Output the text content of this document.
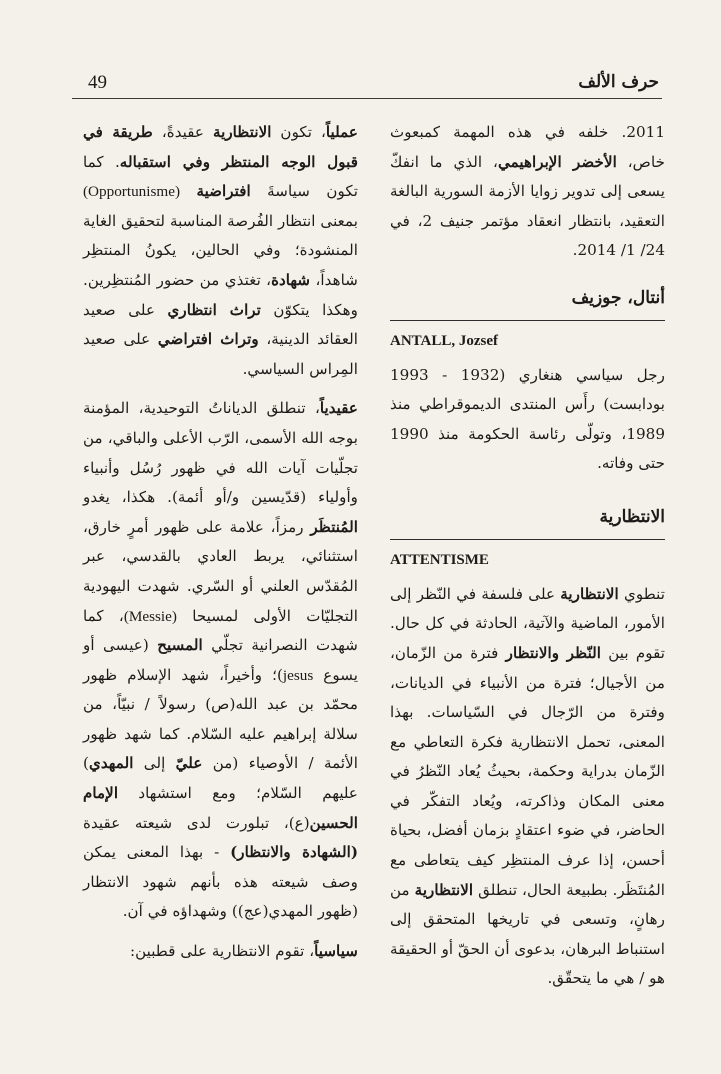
حرف الألف
49

2011. خلفه في هذه المهمة كمبعوث خاص، الأخضر الإبراهيمي، الذي ما انفكّ يسعى إلى تدوير زوايا الأزمة السورية البالغة التعقيد، بانتظار انعقاد مؤتمر جنيف 2، في 24/ 1/ 2014.

أنتال، جوزيف
ANTALL, Jozsef

رجل سياسي هنغاري (1932 - 1993 بودابست) رأَس المنتدى الديموقراطي منذ 1989، وتولّى رئاسة الحكومة منذ 1990 حتى وفاته.

الانتظارية
ATTENTISME

تنطوي الانتظارية على فلسفة في النّظر إلى الأمور، الماضية والآتية، الحادثة في كل حال. تقوم بين النّظر والانتظار فترة من الزّمان، من الأجيال؛ فترة من الأنبياء في الديانات، وفترة من الرّجال في السّياسات. بهذا المعنى، تحمل الانتظارية فكرة التعاطي مع الزّمان بدراية وحكمة، بحيثُ يُعاد النّظرُ في معنى المكان وذاكرته، ويُعاد التفكّر في الحاضر، في ضوء اعتقادٍ بزمان أفضل، بحياة أحسن، إذا عرف المنتظِر كيف يتعاطى مع المُنتَظَر. بطبيعة الحال، تنطلق الانتظارية من رهانٍ، وتسعى في تاريخها المتحقق إلى استنباط البرهان، بدعوى أن الحقّ أو الحقيقة هو / هي ما يتحقّق.

عملياً، تكون الانتظارية عقيدةً، طريقة في قبول الوجه المنتظر وفي استقباله. كما تكون سياسةَ افتراضية (Opportunisme) بمعنى انتظار الفُرصة المناسبة لتحقيق الغاية المنشودة؛ وفي الحالين، يكونُ المنتظِر شاهداً، شهادة، تغتذي من حضور المُنتظِرين. وهكذا يتكوّن تراث انتظاري على صعيد العقائد الدينية، وتراث افتراضي على صعيد المِراس السياسي.

عقيدياً، تنطلق الدياناتُ التوحيدية، المؤمنة بوجه الله الأسمى، الرّب الأعلى والباقي، من تجلّيات آيات الله في ظهور رُسُل وأنبياء وأولياء (قدّيسين و/أو أئمة). هكذا، يغدو المُنتظَر رمزاً، علامة على ظهور أمرٍ خارق، استثنائي، يربط العادي بالقدسي، عبر المُقدّس العلني أو السّري. شهدت اليهودية التجليّات الأولى لمسيحا (Messie)، كما شهدت النصرانية تجلّي المسيح (عيسى أو يسوع jesus)؛ وأخيراً، شهد الإسلام ظهور محمّد بن عبد الله(ص) رسولاً / نبيّاً، من سلالة إبراهيم عليه السّلام. كما شهد ظهور الأئمة / الأوصياء (من عليّ إلى المهدي) عليهم السّلام؛ ومع استشهاد الإمام الحسين(ع)، تبلورت لدى شيعته عقيدة (الشهادة والانتظار) - بهذا المعنى يمكن وصف شيعته هذه بأنهم شهود الانتظار (ظهور المهدي(عج)) وشهداؤه في آن.

سياسياً، تقوم الانتظارية على قطبين:
